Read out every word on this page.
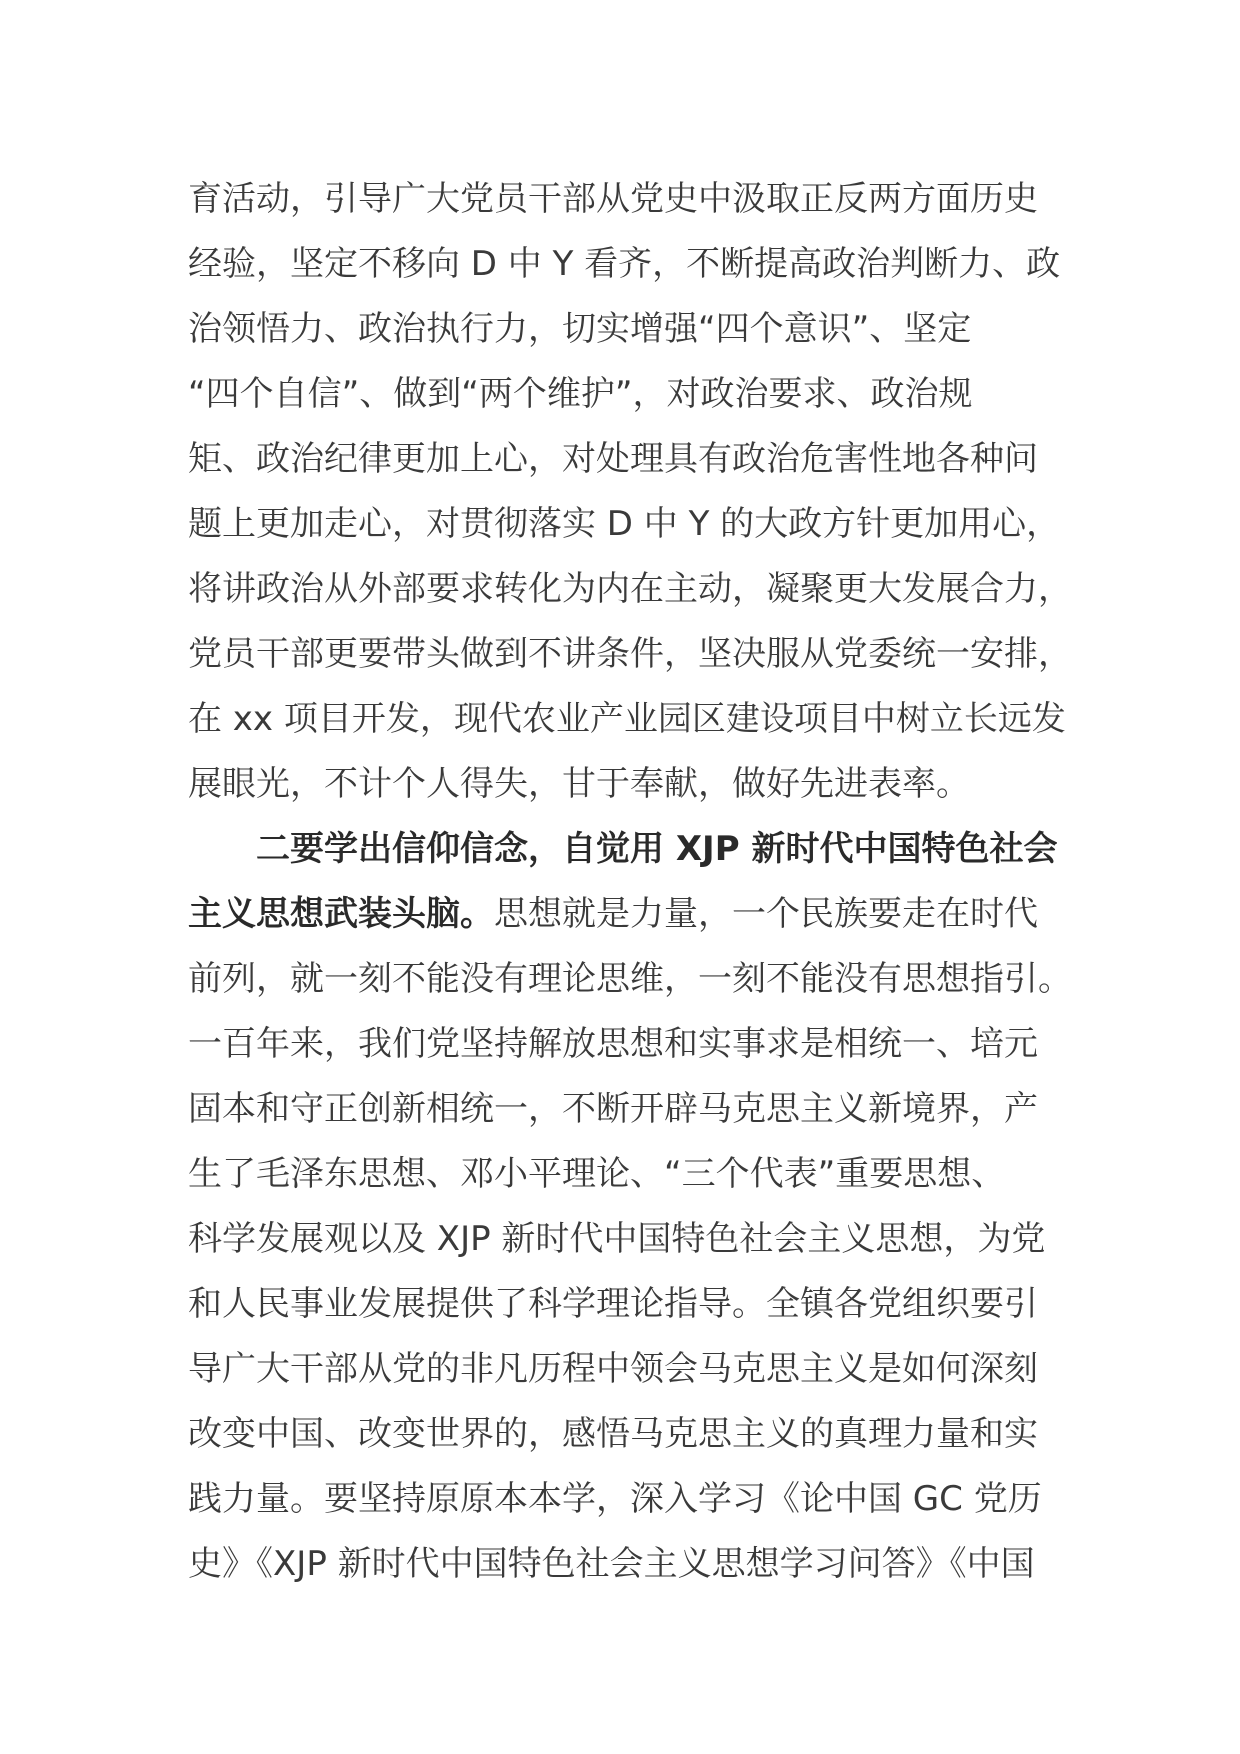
育活动，引导广大党员干部从党史中汲取正反两方面历史
经验，坚定不移向 D 中 Y 看齐，不断提高政治判断力、政
治领悟力、政治执行力，切实增强“四个意识”、坚定
“四个自信”、做到“两个维护”，对政治要求、政治规
矩、政治纪律更加上心，对处理具有政治危害性地各种问
题上更加走心，对贯彻落实 D 中 Y 的大政方针更加用心，
将讲政治从外部要求转化为内在主动，凝聚更大发展合力，
党员干部更要带头做到不讲条件，坚决服从党委统一安排，
在 xx 项目开发，现代农业产业园区建设项目中树立长远发
展眼光，不计个人得失，甘于奉献，做好先进表率。
二要学出信仰信念，自觉用 XJP 新时代中国特色社会
主义思想武装头脑。思想就是力量，一个民族要走在时代
前列，就一刻不能没有理论思维，一刻不能没有思想指引。
一百年来，我们党坚持解放思想和实事求是相统一、培元
固本和守正创新相统一，不断开辟马克思主义新境界，产
生了毛泽东思想、邓小平理论、“三个代表”重要思想、
科学发展观以及 XJP 新时代中国特色社会主义思想，为党
和人民事业发展提供了科学理论指导。全镇各党组织要引
导广大干部从党的非凡历程中领会马克思主义是如何深刻
改变中国、改变世界的，感悟马克思主义的真理力量和实
践力量。要坚持原原本本学，深入学习《论中国 GC 党历
史》《XJP 新时代中国特色社会主义思想学习问答》《中国
